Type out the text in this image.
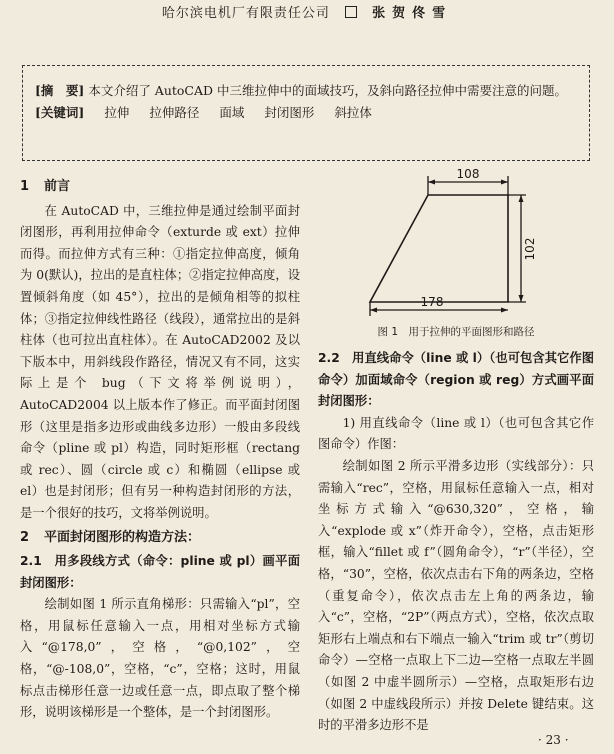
哈尔滨电机厂有限责任公司	张贺佟雪
[摘　要] 本文介绍了 AutoCAD 中三维拉伸中的面域技巧，及斜向路径拉伸中需要注意的问题。
[关键词] 拉伸 拉伸路径 面域 封闭图形 斜拉体
1 前言

在 AutoCAD 中，三维拉伸是通过绘制平面封闭图形，再利用拉伸命令（exturde 或 ext）拉伸而得。而拉伸方式有三种：①指定拉伸高度，倾角为 0(默认)，拉出的是直柱体；②指定拉伸高度，设置倾斜角度（如 45°），拉出的是倾角相等的拟柱体；③指定拉伸线性路径（线段），通常拉出的是斜柱体（也可拉出直柱体）。在 AutoCAD2002 及以下版本中，用斜线段作路径，情况又有不同，这实际上是个 bug（下文将举例说明），AutoCAD2004 以上版本作了修正。而平面封闭图形（这里是指多边形或曲线多边形）一般由多段线命令（pline 或 pl）构造，同时矩形框（rectang 或 rec）、圆（circle 或 c）和椭圆（ellipse 或 el）也是封闭形；但有另一种构造封闭形的方法，是一个很好的技巧，文将举例说明。

2 平面封闭图形的构造方法：
2.1　用多段线方式（命令：pline 或 pl）画平面封闭图形：

绘制如图 1 所示直角梯形：只需输入“pl”，空格，用鼠标任意输入一点，用相对坐标方式输入“@178,0”，空格，“@0,102”，空格，“@-108,0”，空格，“c”，空格；这时，用鼠标点击梯形任意一边或任意一点，即点取了整个梯形，说明该梯形是一个整体，是一个封闭图形。

108
102
178
图 1　用于拉伸的平面图形和路径
2.2　用直线命令（line 或 l）（也可包含其它作图命令）加面域命令（region 或 reg）方式画平面封闭图形：

1) 用直线命令（line 或 l）（也可包含其它作图命令）作图：

绘制如图 2 所示平滑多边形（实线部分）：只需输入“rec”，空格，用鼠标任意输入一点，相对坐标方式输入“@630,320”，空格，输入“explode 或 x”（炸开命令），空格，点击矩形框，输入“fillet 或 f”（圆角命令），“r”（半径），空格，“30”，空格，依次点击右下角的两条边，空格（重复命令），依次点击左上角的两条边，输入“c”，空格，“2P”（两点方式），空格，依次点取矩形右上端点和右下端点一输入“trim 或 tr”（剪切命令）—空格一点取上下二边—空格一点取左半圆（如图 2 中虚半圆所示）—空格，点取矩形右边（如图 2 中虚线段所示）并按 Delete 键结束。这时的平滑多边形不是

· 23 ·
